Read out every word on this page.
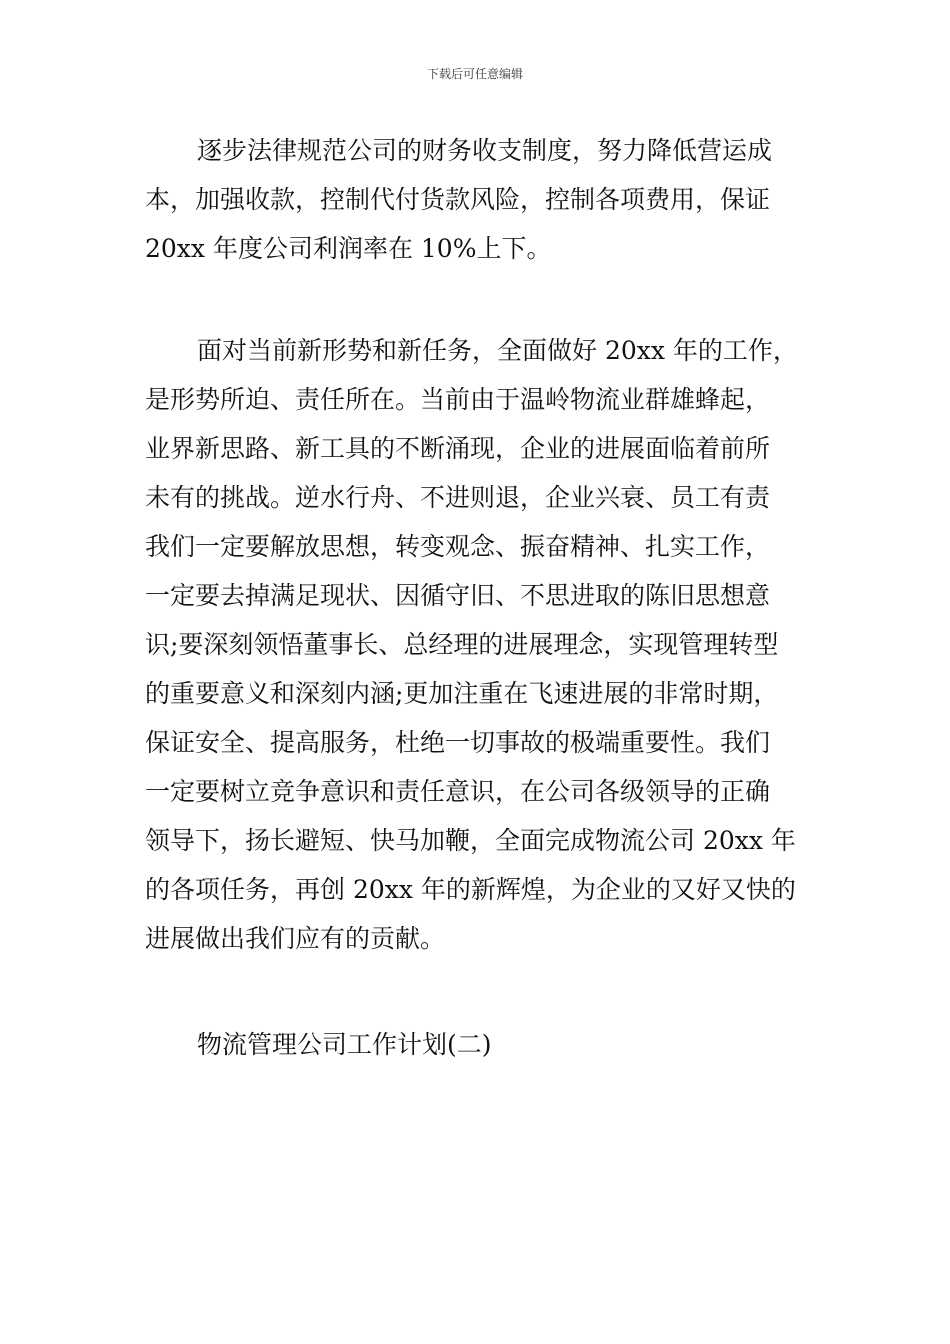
下载后可任意编辑
逐步法律规范公司的财务收支制度，努力降低营运成
本，加强收款，控制代付货款风险，控制各项费用，保证
20xx 年度公司利润率在 10%上下。
面对当前新形势和新任务，全面做好 20xx 年的工作，
是形势所迫、责任所在。当前由于温岭物流业群雄蜂起，
业界新思路、新工具的不断涌现，企业的进展面临着前所
未有的挑战。逆水行舟、不进则退，企业兴衰、员工有责
我们一定要解放思想，转变观念、振奋精神、扎实工作，
一定要去掉满足现状、因循守旧、不思进取的陈旧思想意
识;要深刻领悟董事长、总经理的进展理念，实现管理转型
的重要意义和深刻内涵;更加注重在飞速进展的非常时期，
保证安全、提高服务，杜绝一切事故的极端重要性。我们
一定要树立竞争意识和责任意识，在公司各级领导的正确
领导下，扬长避短、快马加鞭，全面完成物流公司 20xx 年
的各项任务，再创 20xx 年的新辉煌，为企业的又好又快的
进展做出我们应有的贡献。
物流管理公司工作计划(二)
